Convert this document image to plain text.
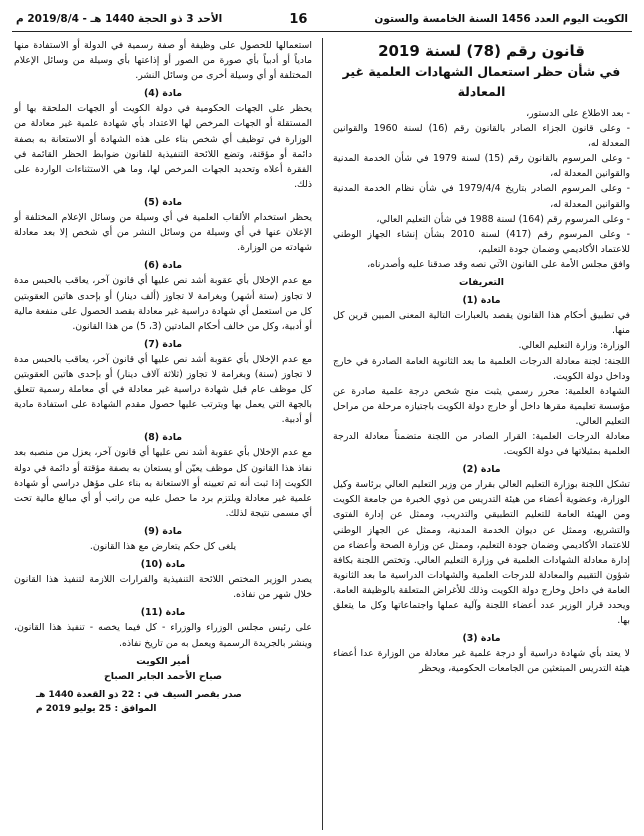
الكويت اليوم العدد 1456 السنة الخامسة والستون
16
الأحد 3 ذو الحجة 1440 هـ - 2019/8/4 م
قانون رقم (78) لسنة 2019
في شأن حظر استعمال الشهادات العلمية غير المعادلة

- بعد الاطلاع على الدستور،

- وعلى قانون الجزاء الصادر بالقانون رقم (16) لسنة 1960 والقوانين المعدلة له،

- وعلى المرسوم بالقانون رقم (15) لسنة 1979 في شأن الخدمة المدنية والقوانين المعدلة له،

- وعلى المرسوم الصادر بتاريخ 1979/4/4 في شأن نظام الخدمة المدنية والقوانين المعدلة له،

- وعلى المرسوم رقم (164) لسنة 1988 في شأن التعليم العالي،

- وعلى المرسوم رقم (417) لسنة 2010 بشأن إنشاء الجهاز الوطني للاعتماد الأكاديمي وضمان جودة التعليم،

وافق مجلس الأمة على القانون الآتي نصه وقد صدقنا عليه وأصدرناه،

التعريفات
مادة (1)

في تطبيق أحكام هذا القانون يقصد بالعبارات التالية المعنى المبين قرين كل منها.

الوزارة: وزارة التعليم العالي.

اللجنة: لجنة معادلة الدرجات العلمية ما بعد الثانوية العامة الصادرة في خارج وداخل دولة الكويت.

الشهادة العلمية: محرر رسمي يثبت منح شخص درجة علمية صادرة عن مؤسسة تعليمية مقرها داخل أو خارج دولة الكويت باجتيازه مرحلة من مراحل التعليم العالي.

معادلة الدرجات العلمية: القرار الصادر من اللجنة متضمناً معادلة الدرجة العلمية بمثيلاتها في دولة الكويت.

مادة (2)

تشكل اللجنة بوزارة التعليم العالي بقرار من وزير التعليم العالي برئاسة وكيل الوزارة، وعضوية أعضاء من هيئة التدريس من ذوي الخبرة من جامعة الكويت ومن الهيئة العامة للتعليم التطبيقي والتدريب، وممثل عن إدارة الفتوى والتشريع، وممثل عن ديوان الخدمة المدنية، وممثل عن الجهاز الوطني للاعتماد الأكاديمي وضمان جودة التعليم، وممثل عن وزارة الصحة وأعضاء من إدارة معادلة الشهادات العلمية في وزارة التعليم العالي. وتختص اللجنة بكافة شؤون التقييم والمعادلة للدرجات العلمية والشهادات الدراسية ما بعد الثانوية العامة في داخل وخارج دولة الكويت وذلك للأغراض المتعلقة بالوظيفة العامة. ويحدد قرار الوزير عدد أعضاء اللجنة وآلية عملها واجتماعاتها وكل ما يتعلق بها.

مادة (3)

لا يعتد بأي شهادة دراسية أو درجة علمية غير معادلة من الوزارة عدا أعضاء هيئة التدريس المبتعثين من الجامعات الحكومية، ويحظر

استعمالها للحصول على وظيفة أو صفة رسمية في الدولة أو الاستفادة منها مادياً أو أدبياً بأي صورة من الصور أو إذاعتها بأي وسيلة من وسائل الإعلام المختلفة أو أي وسيلة أخرى من وسائل النشر.

مادة (4)

يحظر على الجهات الحكومية في دولة الكويت أو الجهات الملحقة بها أو المستقلة أو الجهات المرخص لها الاعتداد بأي شهادة علمية غير معادلة من الوزارة في توظيف أي شخص بناء على هذه الشهادة أو الاستعانة به بصفة دائمة أو مؤقتة، وتضع اللائحة التنفيذية للقانون ضوابط الحظر القائمة في الفقرة أعلاه وتحديد الجهات المرخص لها، وما هي الاستثناءات الواردة على ذلك.

مادة (5)

يحظر استخدام الألقاب العلمية في أي وسيلة من وسائل الإعلام المختلفة أو الإعلان عنها في أي وسيلة من وسائل النشر من أي شخص إلا بعد معادلة شهادته من الوزارة.

مادة (6)

مع عدم الإخلال بأي عقوبة أشد نص عليها أي قانون آخر، يعاقب بالحبس مدة لا تجاوز (ستة أشهر) وبغرامة لا تجاوز (ألف دينار) أو بإحدى هاتين العقوبتين كل من استعمل أي شهادة دراسية غير معادلة بقصد الحصول على منفعة مالية أو أدبية، وكل من خالف أحكام المادتين (3، 5) من هذا القانون.

مادة (7)

مع عدم الإخلال بأي عقوبة أشد نص عليها أي قانون آخر، يعاقب بالحبس مدة لا تجاوز (سنة) وبغرامة لا تجاوز (ثلاثة آلاف دينار) أو بإحدى هاتين العقوبتين كل موظف عام قبل شهادة دراسية غير معادلة في أي معاملة رسمية تتعلق بالجهة التي يعمل بها ويترتب عليها حصول مقدم الشهادة على استفادة مادية أو أدبية.

مادة (8)

مع عدم الإخلال بأي عقوبة أشد نص عليها أي قانون آخر، يعزل من منصبه بعد نفاذ هذا القانون كل موظف يعيّن أو يستعان به بصفة مؤقتة أو دائمة في دولة الكويت إذا ثبت أنه تم تعيينه أو الاستعانة به بناء على مؤهل دراسي أو شهادة علمية غير معادلة ويلتزم برد ما حصل عليه من راتب أو أي مبالغ مالية تحت أي مسمى نتيجة لذلك.

مادة (9)

يلغى كل حكم يتعارض مع هذا القانون.

مادة (10)

يصدر الوزير المختص اللائحة التنفيذية والقرارات اللازمة لتنفيذ هذا القانون خلال شهر من نفاذه.

مادة (11)

على رئيس مجلس الوزراء والوزراء - كل فيما يخصه - تنفيذ هذا القانون، وينشر بالجريدة الرسمية ويعمل به من تاريخ نفاذه.

أمير الكويت
صباح الأحمد الجابر الصباح
صدر بقصر السيف في : 22 ذو القعدة 1440 هـ
الموافق : 25 يوليو 2019 م
